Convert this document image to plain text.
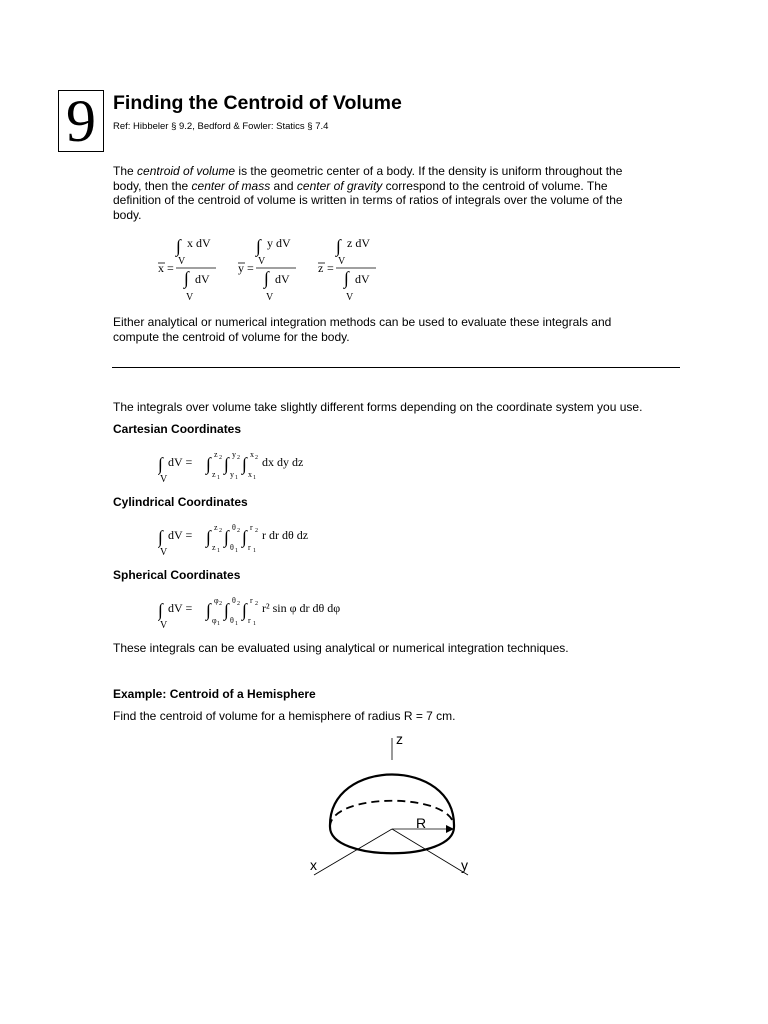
9 Finding the Centroid of Volume
Ref: Hibbeler § 9.2, Bedford & Fowler: Statics § 7.4

The centroid of volume is the geometric center of a body. If the density is uniform throughout the body, then the center of mass and center of gravity correspond to the centroid of volume. The definition of the centroid of volume is written in terms of ratios of integrals over the volume of the body.

x =
∫ x dV
V
∫ dV
V
y =
∫ y dV
V
∫ dV
V
z =
∫ z dV
V
∫ dV
V

Either analytical or numerical integration methods can be used to evaluate these integrals and compute the centroid of volume for the body.

The integrals over volume take slightly different forms depending on the coordinate system you use.

Cartesian Coordinates
∫ dV =
V
∫ z 2
z 1
∫ y 2
y 1
∫ x 2
x 1
dx dy dz
Cylindrical Coordinates
∫ dV =
V
∫ z 2
z 1
∫ θ 2
θ 1
∫ r 2
r 1
r dr dθ dz
Spherical Coordinates
∫ dV =
V
∫ φ 2
φ 1
∫ θ 2
θ 1
∫ r 2
r 1
r² sin φ dr dθ dφ

These integrals can be evaluated using analytical or numerical integration techniques.

Example: Centroid of a Hemisphere

Find the centroid of volume for a hemisphere of radius R = 7 cm.

z
x	y
R
